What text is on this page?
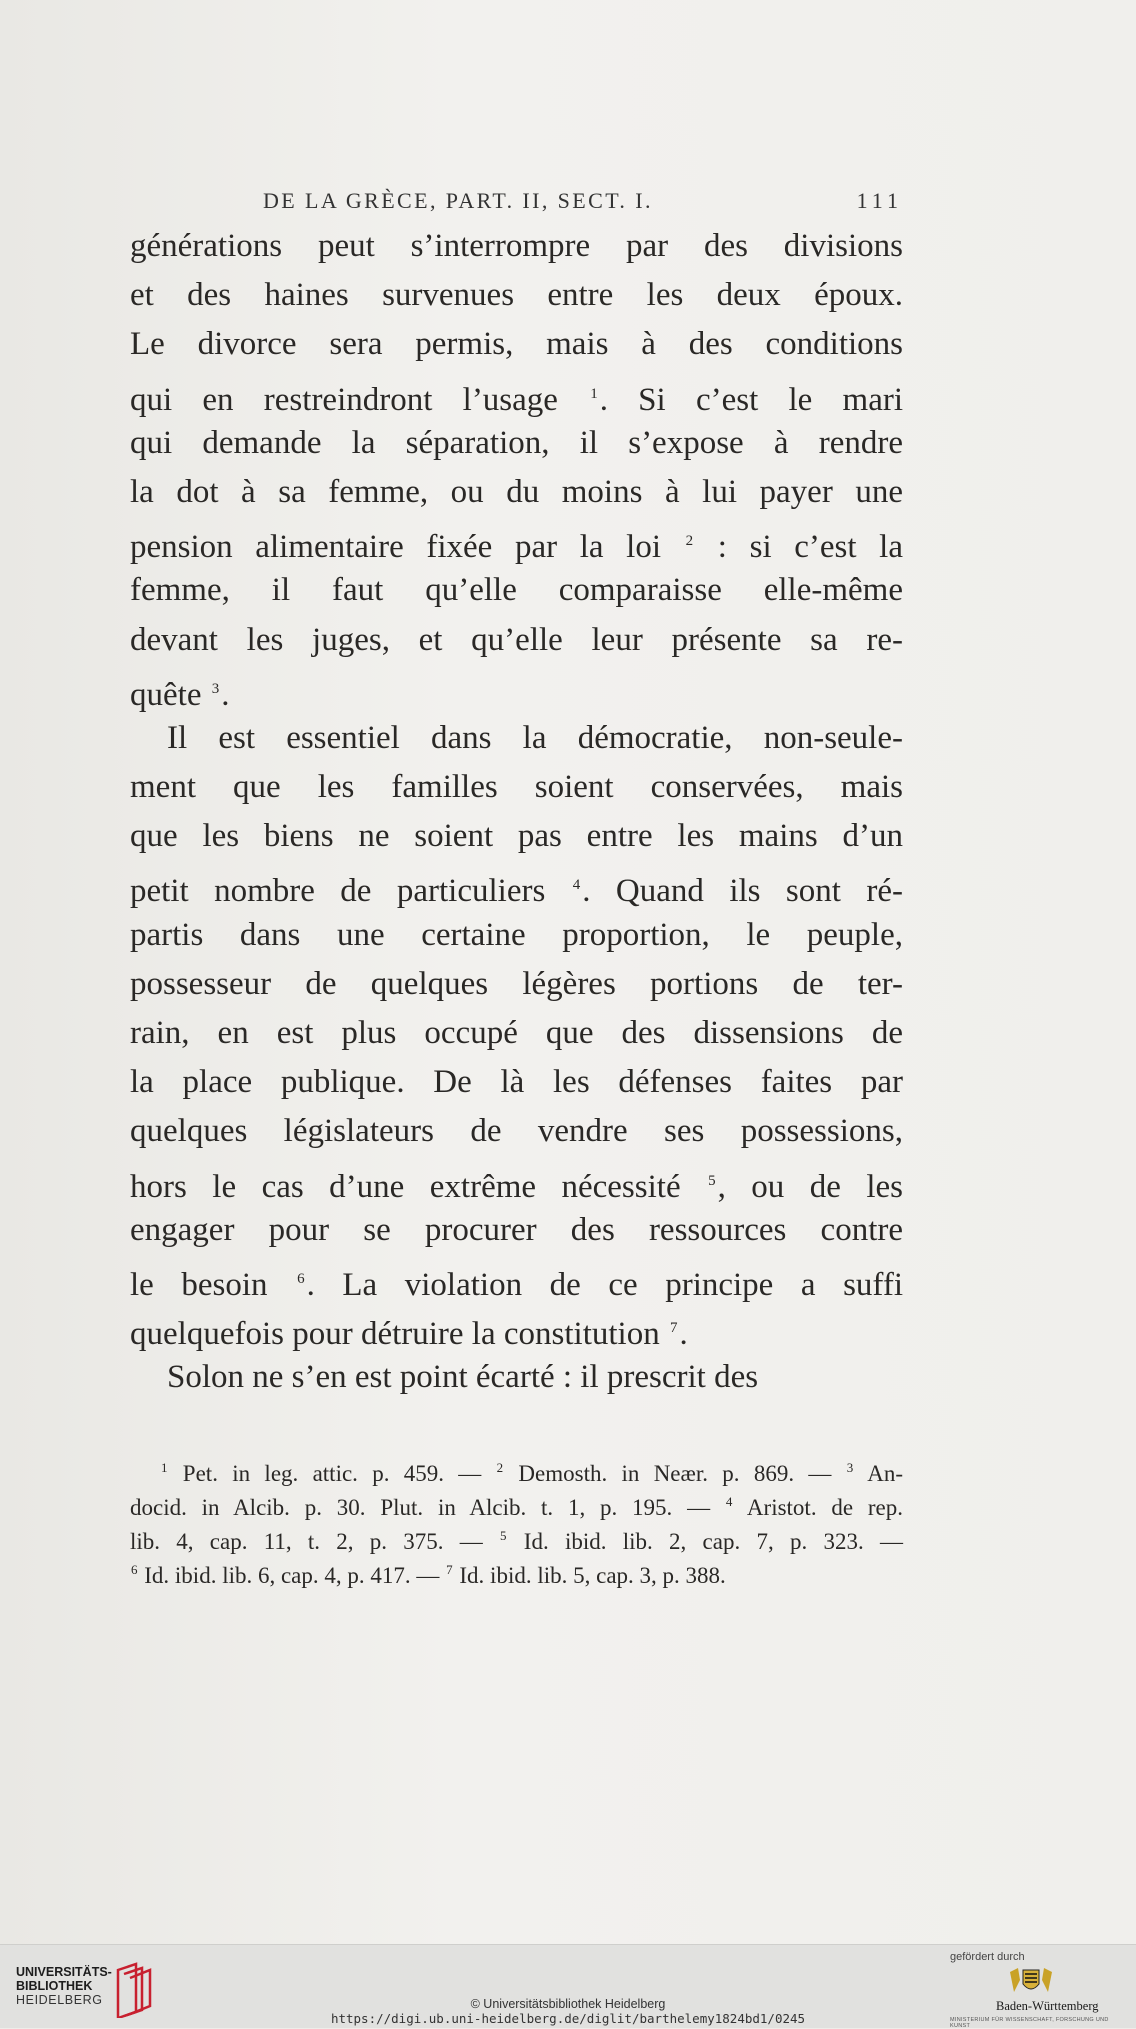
DE LA GRÈCE, PART. II, SECT. I.	111
générations peut s’interrompre par des divisions
et des haines survenues entre les deux époux.
Le divorce sera permis, mais à des conditions
qui en restreindront l’usage $^1$. Si c’est le mari
qui demande la séparation, il s’expose à rendre
la dot à sa femme, ou du moins à lui payer une
pension alimentaire fixée par la loi $^2$ : si c’est la
femme, il faut qu’elle comparaisse elle-même
devant les juges, et qu’elle leur présente sa re-
quête $^3$.
Il est essentiel dans la démocratie, non-seule-
ment que les familles soient conservées, mais
que les biens ne soient pas entre les mains d’un
petit nombre de particuliers $^4$. Quand ils sont ré-
partis dans une certaine proportion, le peuple,
possesseur de quelques légères portions de ter-
rain, en est plus occupé que des dissensions de
la place publique. De là les défenses faites par
quelques législateurs de vendre ses possessions,
hors le cas d’une extrême nécessité $^5$, ou de les
engager pour se procurer des ressources contre
le besoin $^6$. La violation de ce principe a suffi
quelquefois pour détruire la constitution $^7$.
Solon ne s’en est point écarté : il prescrit des
$^1$ Pet. in leg. attic. p. 459. — $^2$ Demosth. in Neær. p. 869. — $^3$ An-
docid. in Alcib. p. 30. Plut. in Alcib. t. 1, p. 195. — $^4$ Aristot. de rep.
lib. 4, cap. 11, t. 2, p. 375. — $^5$ Id. ibid. lib. 2, cap. 7, p. 323. —
$^6$ Id. ibid. lib. 6, cap. 4, p. 417. — $^7$ Id. ibid. lib. 5, cap. 3, p. 388.
UNIVERSITÄTS-
BIBLIOTHEK
HEIDELBERG	© Universitätsbibliothek Heidelberg
https://digi.ub.uni-heidelberg.de/diglit/barthelemy1824bd1/0245
gefördert durch
Baden-Württemberg
MINISTERIUM FÜR WISSENSCHAFT, FORSCHUNG UND KUNST
